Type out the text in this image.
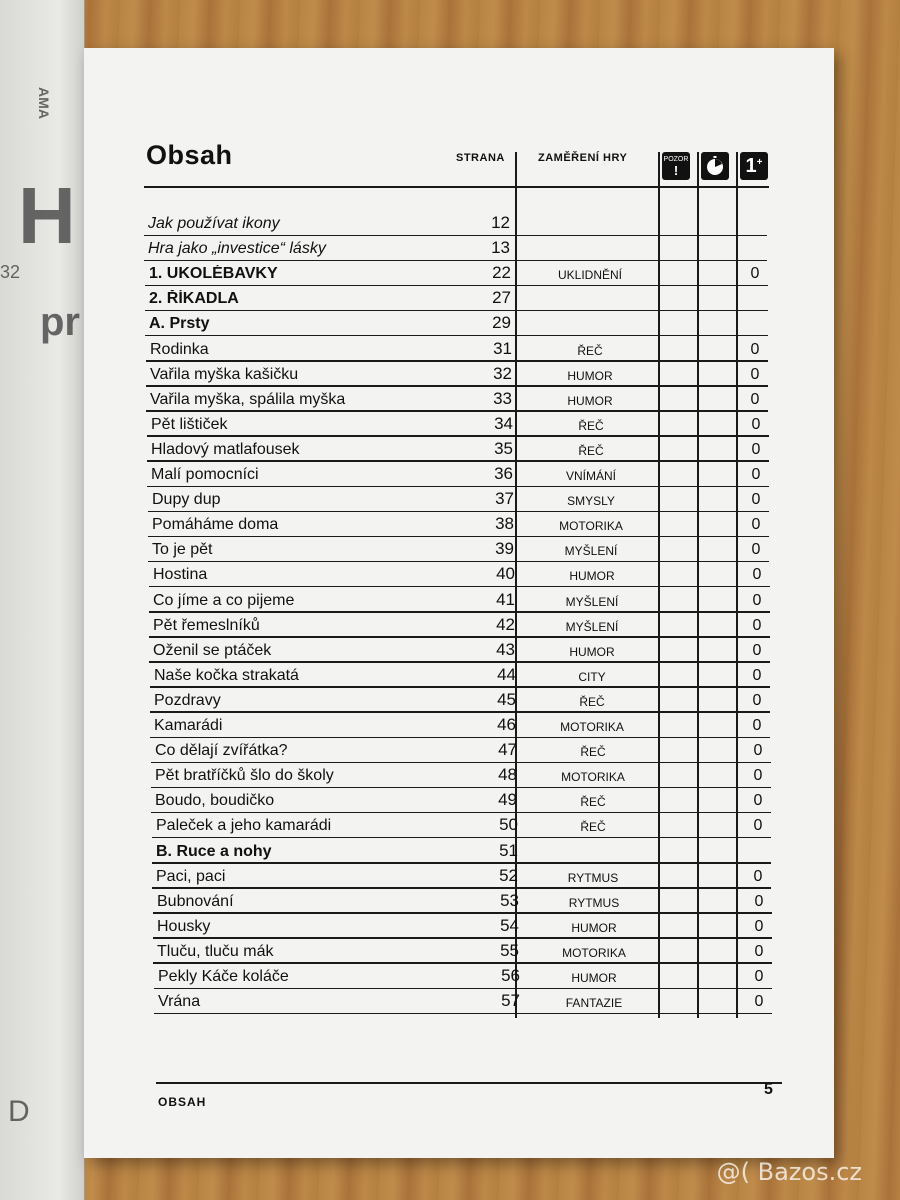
AMA
H
32
pr
D
Obsah	STRANA	ZAMĚŘENÍ HRY	POZOR
!	1 +
Jak používat ikony	12
Hra jako „investice“ lásky	13
1. UKOLÉBAVKY	22	UKLIDNĚNÍ	0
2. ŘÍKADLA	27
A. Prsty	29
Rodinka	31	ŘEČ	0
Vařila myška kašičku	32	HUMOR	0
Vařila myška, spálila myška	33	HUMOR	0
Pět lištiček	34	ŘEČ	0
Hladový matlafousek	35	ŘEČ	0
Malí pomocníci	36	VNÍMÁNÍ	0
Dupy dup	37	SMYSLY	0
Pomáháme doma	38	MOTORIKA	0
To je pět	39	MYŠLENÍ	0
Hostina	40	HUMOR	0
Co jíme a co pijeme	41	MYŠLENÍ	0
Pět řemeslníků	42	MYŠLENÍ	0
Oženil se ptáček	43	HUMOR	0
Naše kočka strakatá	44	CITY	0
Pozdravy	45	ŘEČ	0
Kamarádi	46	MOTORIKA	0
Co dělají zvířátka?	47	ŘEČ	0
Pět bratříčků šlo do školy	48	MOTORIKA	0
Boudo, boudičko	49	ŘEČ	0
Paleček a jeho kamarádi	50	ŘEČ	0
B. Ruce a nohy	51
Paci, paci	52	RYTMUS	0
Bubnování	53	RYTMUS	0
Housky	54	HUMOR	0
Tluču, tluču mák	55	MOTORIKA	0
Pekly Káče koláče	56	HUMOR	0
Vrána	57	FANTAZIE	0
OBSAH
5
@( Bazos.cz
